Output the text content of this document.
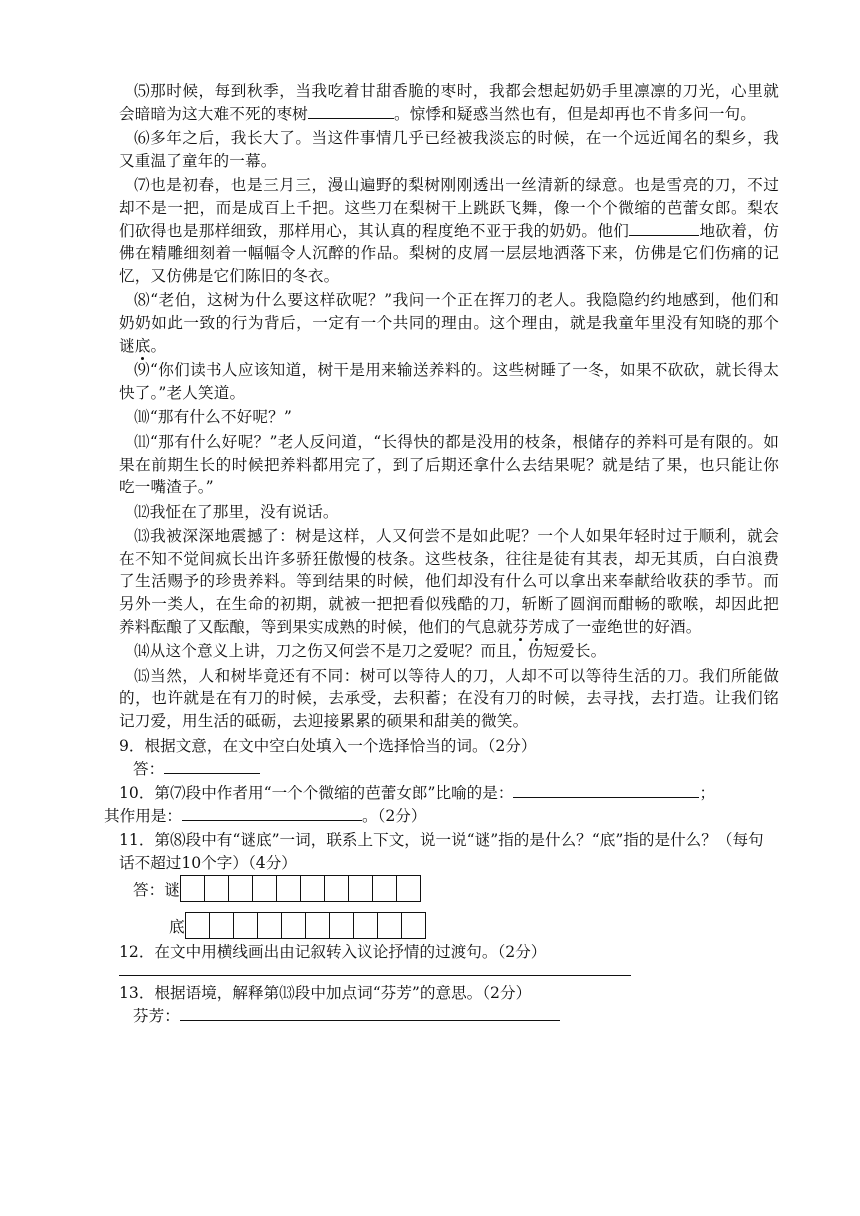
⑸那时候，每到秋季，当我吃着甘甜香脆的枣时，我都会想起奶奶手里凛凛的刀光，心里就会暗暗为这大难不死的枣树	。惊悸和疑惑当然也有，但是却再也不肯多问一句。

⑹多年之后，我长大了。当这件事情几乎已经被我淡忘的时候，在一个远近闻名的梨乡，我又重温了童年的一幕。

⑺也是初春，也是三月三，漫山遍野的梨树刚刚透出一丝清新的绿意。也是雪亮的刀，不过却不是一把，而是成百上千把。这些刀在梨树干上跳跃飞舞，像一个个微缩的芭蕾女郎。梨农们砍得也是那样细致，那样用心，其认真的程度绝不亚于我的奶奶。他们	地砍着，仿佛在精雕细刻着一幅幅令人沉醉的作品。梨树的皮屑一层层地洒落下来，仿佛是它们伤痛的记忆，又仿佛是它们陈旧的冬衣。

⑻“老伯，这树为什么要这样砍呢？”我问一个正在挥刀的老人。我隐隐约约地感到，他们和奶奶如此一致的行为背后，一定有一个共同的理由。这个理由，就是我童年里没有知晓的那个谜底。

⑼“你们读书人应该知道，树干是用来输送养料的。这些树睡了一冬，如果不砍砍，就长得太快了。”老人笑道。

⑽“那有什么不好呢？”

⑾“那有什么好呢？”老人反问道，“长得快的都是没用的枝条，根储存的养料可是有限的。如果在前期生长的时候把养料都用完了，到了后期还拿什么去结果呢？就是结了果，也只能让你吃一嘴渣子。”

⑿我怔在了那里，没有说话。

⒀我被深深地震撼了：树是这样，人又何尝不是如此呢？一个人如果年轻时过于顺利，就会在不知不觉间疯长出许多骄狂傲慢的枝条。这些枝条，往往是徒有其表，却无其质，白白浪费了生活赐予的珍贵养料。等到结果的时候，他们却没有什么可以拿出来奉献给收获的季节。而另外一类人，在生命的初期，就被一把把看似残酷的刀，斩断了圆润而酣畅的歌喉，却因此把养料酝酿了又酝酿，等到果实成熟的时候，他们的气息就芬芳成了一壶绝世的好酒。

⒁从这个意义上讲，刀之伤又何尝不是刀之爱呢？而且，伤短爱长。

⒂当然，人和树毕竟还有不同：树可以等待人的刀，人却不可以等待生活的刀。我们所能做的，也许就是在有刀的时候，去承受，去积蓄；在没有刀的时候，去寻找，去打造。让我们铭记刀爱，用生活的砥砺，去迎接累累的硕果和甜美的微笑。

9．根据文意，在文中空白处填入一个选择恰当的词。（2分）

答：
10．第⑺段中作者用“一个个微缩的芭蕾女郎”比喻的是：	；
其作用是：	。（2分）

11．第⑻段中有“谜底”一词，联系上下文，说一说“谜”指的是什么？“底”指的是什么？（每句话不超过10个字）（4分）

答：谜
底

12．在文中用横线画出由记叙转入议论抒情的过渡句。（2分）

13．根据语境，解释第⒀段中加点词“芬芳”的意思。（2分）

芬芳：
